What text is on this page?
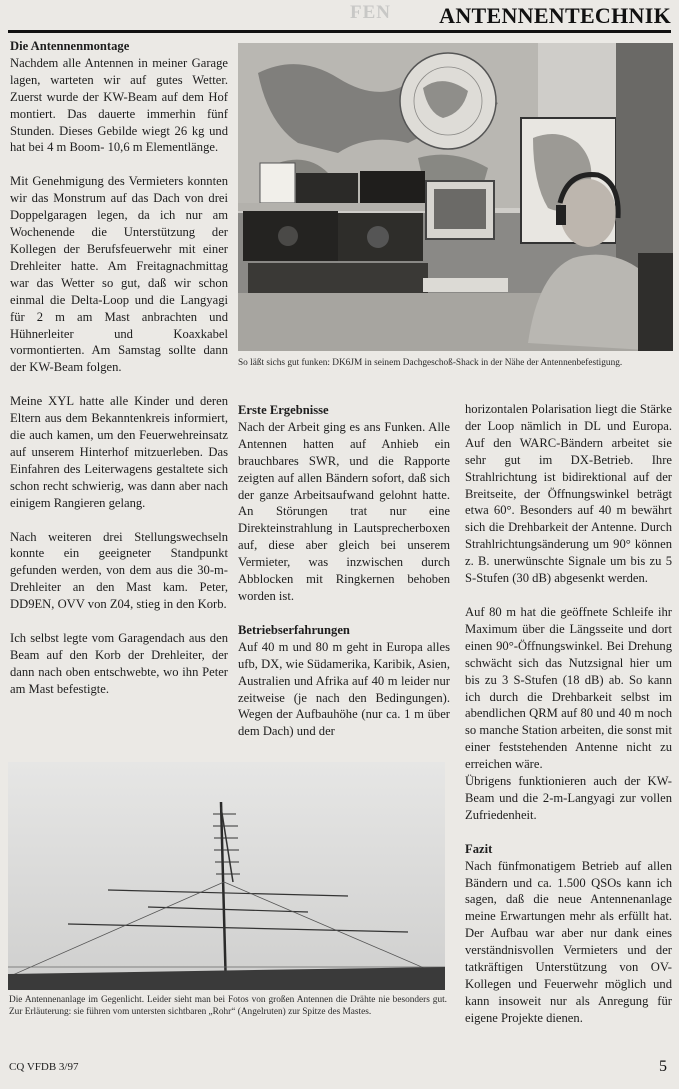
FEN	ANTENNENTECHNIK

Die Antennenmontage

Nachdem alle Antennen in meiner Garage lagen, warteten wir auf gutes Wetter. Zuerst wurde der KW-Beam auf dem Hof montiert. Das dauerte immerhin fünf Stunden. Dieses Gebilde wiegt 26 kg und hat bei 4 m Boom- 10,6 m Elementlänge.

Mit Genehmigung des Vermieters konnten wir das Monstrum auf das Dach von drei Doppelgaragen legen, da ich nur am Wochenende die Unterstützung der Kollegen der Berufsfeuerwehr mit einer Drehleiter hatte. Am Freitagnachmittag war das Wetter so gut, daß wir schon einmal die Delta-Loop und die Langyagi für 2 m am Mast anbrachten und Hühnerleiter und Koaxkabel vormontierten. Am Samstag sollte dann der KW-Beam folgen.

Meine XYL hatte alle Kinder und deren Eltern aus dem Bekanntenkreis informiert, die auch kamen, um den Feuerwehreinsatz auf unserem Hinterhof mitzuerleben. Das Einfahren des Leiterwagens gestaltete sich schon recht schwierig, was dann aber nach einigem Rangieren gelang.

Nach weiteren drei Stellungswechseln konnte ein geeigneter Standpunkt gefunden werden, von dem aus die 30-m-Drehleiter an den Mast kam. Peter, DD9EN, OVV von Z04, stieg in den Korb.

Ich selbst legte vom Garagendach aus den Beam auf den Korb der Drehleiter, der dann nach oben entschwebte, wo ihn Peter am Mast befestigte.

So läßt sichs gut funken: DK6JM in seinem Dachgeschoß-Shack in der Nähe der Antennenbefestigung.

Erste Ergebnisse

Nach der Arbeit ging es ans Funken. Alle Antennen hatten auf Anhieb ein brauchbares SWR, und die Rapporte zeigten auf allen Bändern sofort, daß sich der ganze Arbeitsaufwand gelohnt hatte. An Störungen trat nur eine Direkteinstrahlung in Lautsprecherboxen auf, diese aber gleich bei unserem Vermieter, was inzwischen durch Abblocken mit Ringkernen behoben worden ist.

Betriebserfahrungen

Auf 40 m und 80 m geht in Europa alles ufb, DX, wie Südamerika, Karibik, Asien, Australien und Afrika auf 40 m leider nur zeitweise (je nach den Bedingungen). Wegen der Aufbauhöhe (nur ca. 1 m über dem Dach) und der

horizontalen Polarisation liegt die Stärke der Loop nämlich in DL und Europa. Auf den WARC-Bändern arbeitet sie sehr gut im DX-Betrieb. Ihre Strahlrichtung ist bidirektional auf der Breitseite, der Öffnungswinkel beträgt etwa 60°. Besonders auf 40 m bewährt sich die Drehbarkeit der Antenne. Durch Strahlrichtungsänderung um 90° können z. B. unerwünschte Signale um bis zu 5 S-Stufen (30 dB) abgesenkt werden.

Auf 80 m hat die geöffnete Schleife ihr Maximum über die Längsseite und dort einen 90°-Öffnungswinkel. Bei Drehung schwächt sich das Nutzsignal hier um bis zu 3 S-Stufen (18 dB) ab. So kann ich durch die Drehbarkeit selbst im abendlichen QRM auf 80 und 40 m noch so manche Station arbeiten, die sonst mit einer feststehenden Antenne nicht zu erreichen wäre.

Übrigens funktionieren auch der KW-Beam und die 2-m-Langyagi zur vollen Zufriedenheit.

Fazit

Nach fünfmonatigem Betrieb auf allen Bändern und ca. 1.500 QSOs kann ich sagen, daß die neue Antennenanlage meine Erwartungen mehr als erfüllt hat. Der Aufbau war aber nur dank eines verständnisvollen Vermieters und der tatkräftigen Unterstützung von OV-Kollegen und Feuerwehr möglich und kann insoweit nur als Anregung für eigene Projekte dienen.

Die Antennenanlage im Gegenlicht. Leider sieht man bei Fotos von großen Antennen die Drähte nie besonders gut. Zur Erläuterung: sie führen vom untersten sichtbaren „Rohr“ (Angelruten) zur Spitze des Mastes.
CQ VFDB 3/97	5
